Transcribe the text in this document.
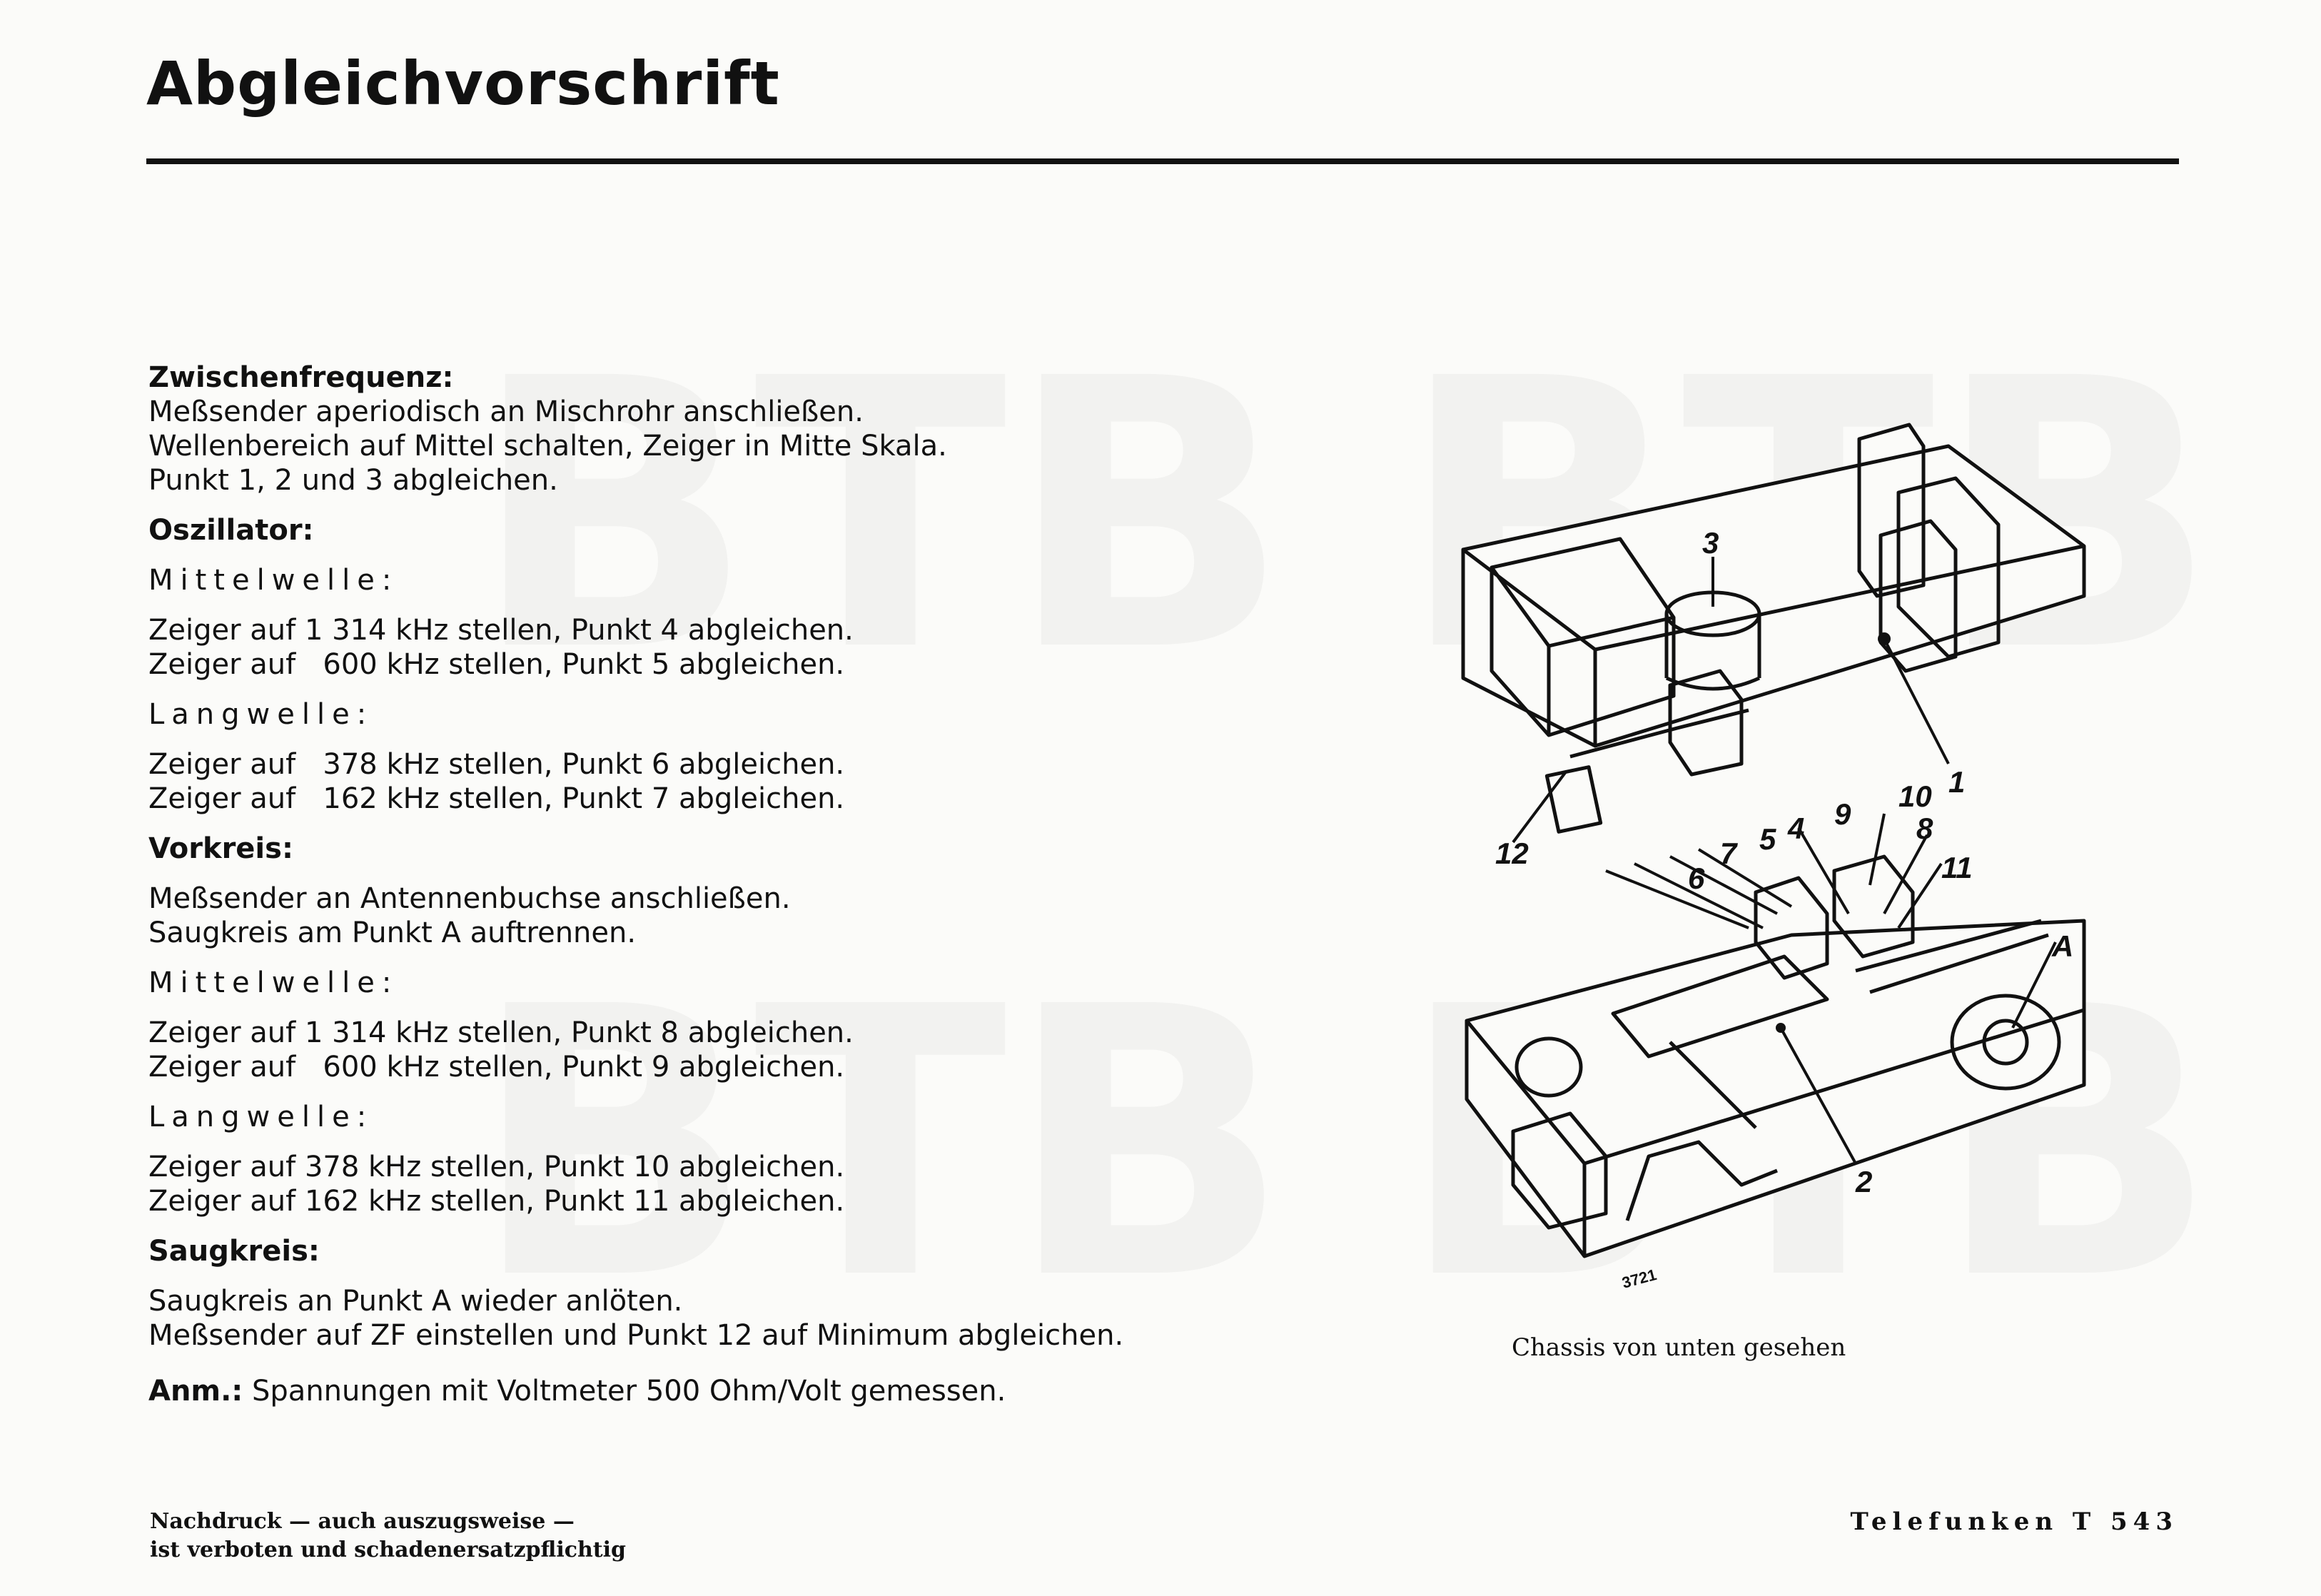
Abgleichvorschrift
Zwischenfrequenz:
Meßsender aperiodisch an Mischrohr anschließen.
Wellenbereich auf Mittel schalten, Zeiger in Mitte Skala.
Punkt 1, 2 und 3 abgleichen.
Oszillator:
Mittelwelle:
Zeiger auf 1 314 kHz stellen, Punkt 4 abgleichen.
Zeiger auf   600 kHz stellen, Punkt 5 abgleichen.
Langwelle:
Zeiger auf   378 kHz stellen, Punkt 6 abgleichen.
Zeiger auf   162 kHz stellen, Punkt 7 abgleichen.
Vorkreis:
Meßsender an Antennenbuchse anschließen.
Saugkreis am Punkt A auftrennen.
Mittelwelle:
Zeiger auf 1 314 kHz stellen, Punkt 8 abgleichen.
Zeiger auf   600 kHz stellen, Punkt 9 abgleichen.
Langwelle:
Zeiger auf 378 kHz stellen, Punkt 10 abgleichen.
Zeiger auf 162 kHz stellen, Punkt 11 abgleichen.
Saugkreis:
Saugkreis an Punkt A wieder anlöten.
Meßsender auf ZF einstellen und Punkt 12 auf Minimum abgleichen.
Anm.: Spannungen mit Voltmeter 500 Ohm/Volt gemessen.
1
2
3
4
5
6
7
8
9
10
11
12
A
3721
Chassis von unten gesehen
Nachdruck — auch auszugsweise —
ist verboten und schadenersatzpflichtig
Telefunken T 543
